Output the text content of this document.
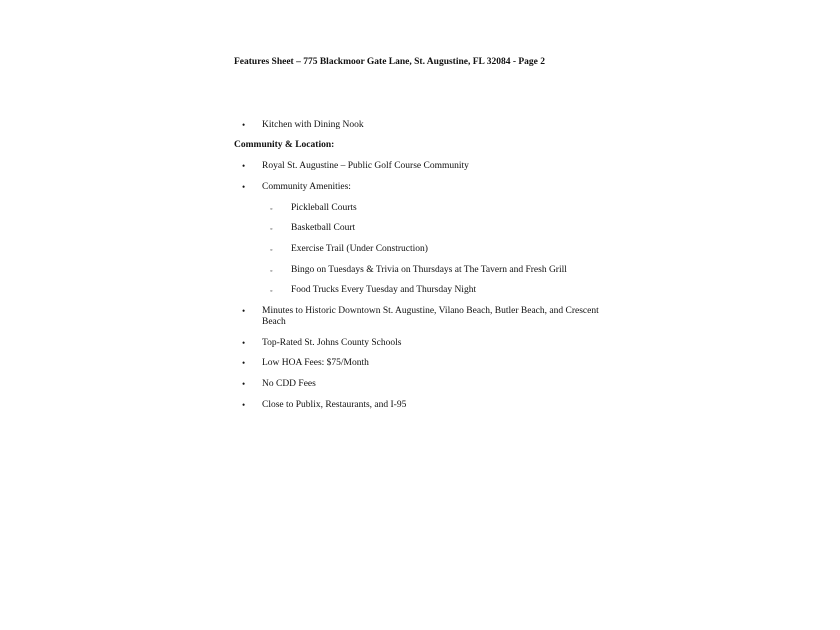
Features Sheet – 775 Blackmoor Gate Lane, St. Augustine, FL 32084 - Page 2
• Kitchen with Dining Nook
Community & Location:
• Royal St. Augustine – Public Golf Course Community
• Community Amenities:
◦ Pickleball Courts
◦ Basketball Court
◦ Exercise Trail (Under Construction)
◦ Bingo on Tuesdays & Trivia on Thursdays at The Tavern and Fresh Grill
◦ Food Trucks Every Tuesday and Thursday Night
• Minutes to Historic Downtown St. Augustine, Vilano Beach, Butler Beach, and Crescent Beach
• Top-Rated St. Johns County Schools
• Low HOA Fees: $75/Month
• No CDD Fees
• Close to Publix, Restaurants, and I-95
